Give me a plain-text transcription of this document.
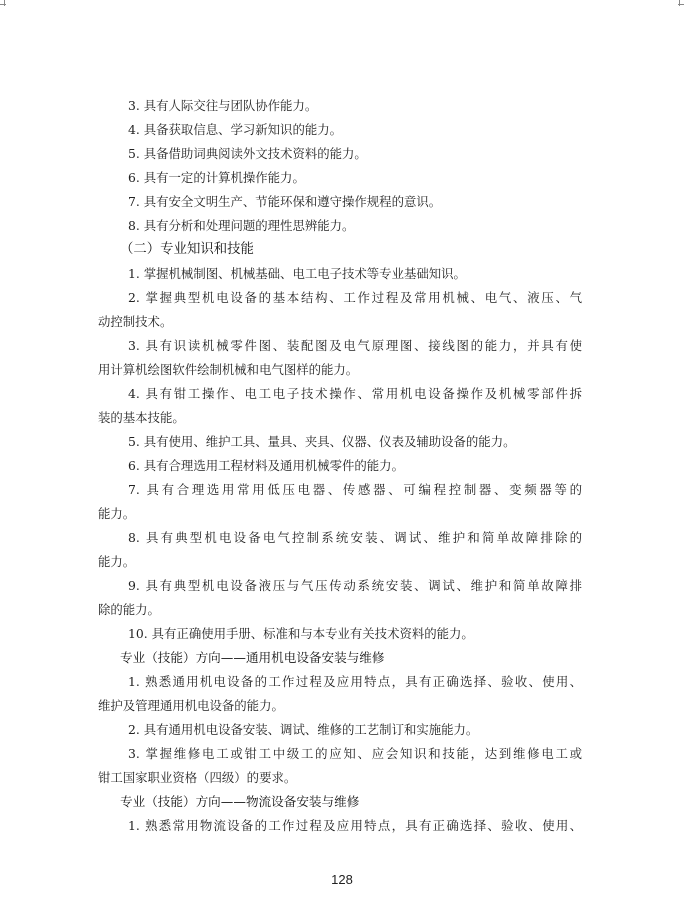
3. 具有人际交往与团队协作能力。
4. 具备获取信息、学习新知识的能力。
5. 具备借助词典阅读外文技术资料的能力。
6. 具有一定的计算机操作能力。
7. 具有安全文明生产、节能环保和遵守操作规程的意识。
8. 具有分析和处理问题的理性思辨能力。
（二）专业知识和技能
1. 掌握机械制图、机械基础、电工电子技术等专业基础知识。
2. 掌握典型机电设备的基本结构、工作过程及常用机械、电气、液压、气
动控制技术。
3. 具有识读机械零件图、装配图及电气原理图、接线图的能力，并具有使
用计算机绘图软件绘制机械和电气图样的能力。
4. 具有钳工操作、电工电子技术操作、常用机电设备操作及机械零部件拆
装的基本技能。
5. 具有使用、维护工具、量具、夹具、仪器、仪表及辅助设备的能力。
6. 具有合理选用工程材料及通用机械零件的能力。
7. 具有合理选用常用低压电器、传感器、可编程控制器、变频器等的
能力。
8. 具有典型机电设备电气控制系统安装、调试、维护和简单故障排除的
能力。
9. 具有典型机电设备液压与气压传动系统安装、调试、维护和简单故障排
除的能力。
10. 具有正确使用手册、标准和与本专业有关技术资料的能力。
专业（技能）方向——通用机电设备安装与维修
1. 熟悉通用机电设备的工作过程及应用特点，具有正确选择、验收、使用、
维护及管理通用机电设备的能力。
2. 具有通用机电设备安装、调试、维修的工艺制订和实施能力。
3. 掌握维修电工或钳工中级工的应知、应会知识和技能，达到维修电工或
钳工国家职业资格（四级）的要求。
专业（技能）方向——物流设备安装与维修
1. 熟悉常用物流设备的工作过程及应用特点，具有正确选择、验收、使用、
128
